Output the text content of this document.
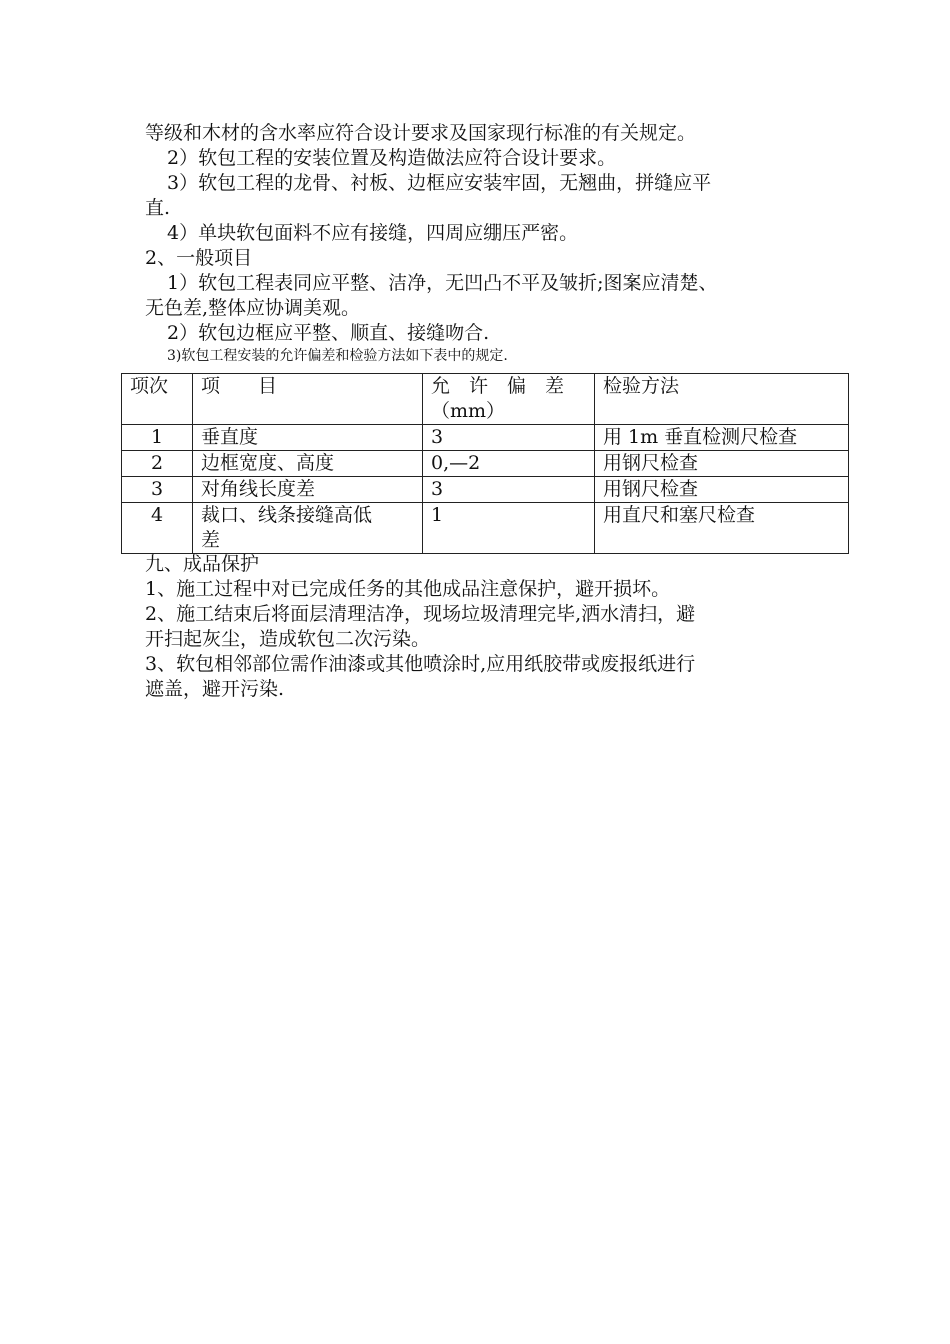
等级和木材的含水率应符合设计要求及国家现行标准的有关规定。

2）软包工程的安装位置及构造做法应符合设计要求。

3）软包工程的龙骨、衬板、边框应安装牢固，无翘曲，拼缝应平

直.

4）单块软包面料不应有接缝，四周应绷压严密。

2、一般项目

1）软包工程表同应平整、洁净，无凹凸不平及皱折;图案应清楚、

无色差,整体应协调美观。

2）软包边框应平整、顺直、接缝吻合.

3)软包工程安装的允许偏差和检验方法如下表中的规定.

项次	项　　目	允　许　偏　差
（mm）	检验方法
1	垂直度	3	用 1m 垂直检测尺检查
2	边框宽度、高度	0,—2	用钢尺检查
3	对角线长度差	3	用钢尺检查
4	裁口、线条接缝高低
差	1	用直尺和塞尺检查

九、成品保护

1、施工过程中对已完成任务的其他成品注意保护，避开损坏。

2、施工结束后将面层清理洁净，现场垃圾清理完毕,洒水清扫，避

开扫起灰尘，造成软包二次污染。

3、软包相邻部位需作油漆或其他喷涂时,应用纸胶带或废报纸进行

遮盖，避开污染.
